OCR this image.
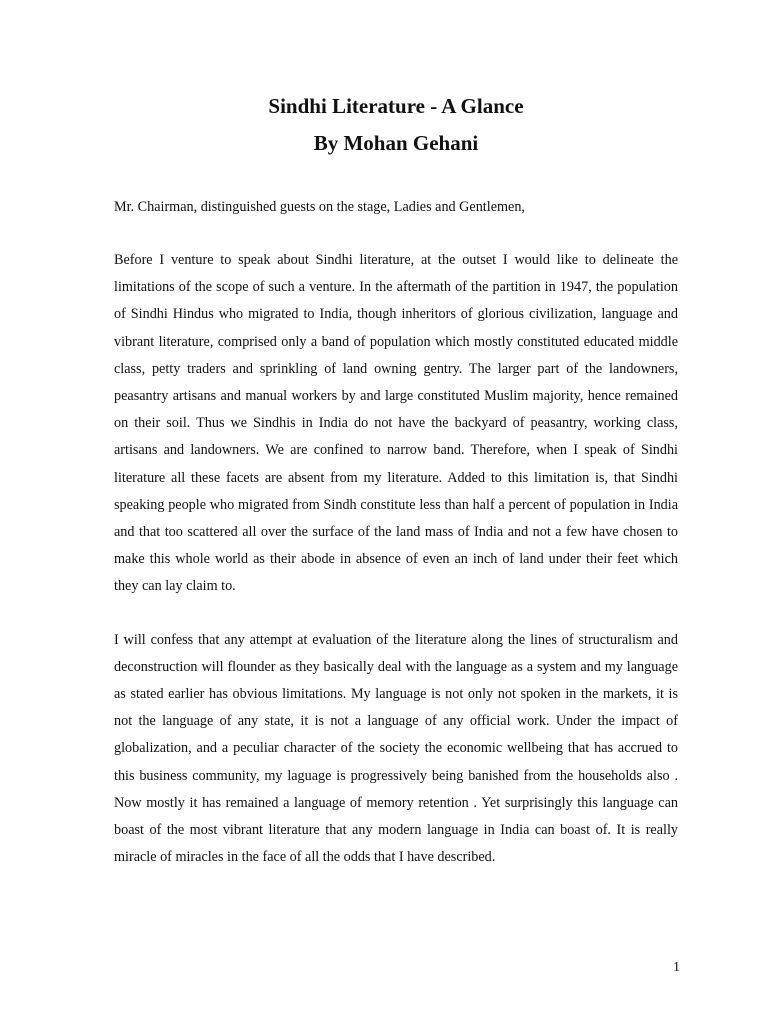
Sindhi Literature - A Glance
By Mohan Gehani

Mr. Chairman, distinguished guests on the stage, Ladies and Gentlemen,

Before I venture to speak about Sindhi literature, at the outset I would like to delineate the limitations of the scope of such a venture. In the aftermath of the partition in 1947, the population of Sindhi Hindus who migrated to India, though inheritors of glorious civilization, language and vibrant literature, comprised only a band of population which mostly constituted educated middle class, petty traders and sprinkling of land owning gentry. The larger part of the landowners, peasantry artisans and manual workers by and large constituted Muslim majority, hence remained on their soil. Thus we Sindhis in India do not have the backyard of peasantry, working class, artisans and landowners. We are confined to narrow band. Therefore, when I speak of Sindhi literature all these facets are absent from my literature. Added to this limitation is, that Sindhi speaking people who migrated from Sindh constitute less than half a percent of population in India and that too scattered all over the surface of the land mass of India and not a few have chosen to make this whole world as their abode in absence of even an inch of land under their feet which they can lay claim to.

I will confess that any attempt at evaluation of the literature along the lines of structuralism and deconstruction will flounder as they basically deal with the language as a system and my language as stated earlier has obvious limitations. My language is not only not spoken in the markets, it is not the language of any state, it is not a language of any official work. Under the impact of globalization, and a peculiar character of the society the economic wellbeing that has accrued to this business community, my laguage is progressively being banished from the households also . Now mostly it has remained a language of memory retention . Yet surprisingly this language can boast of the most vibrant literature that any modern language in India can boast of. It is really miracle of miracles in the face of all the odds that I have described.

1
